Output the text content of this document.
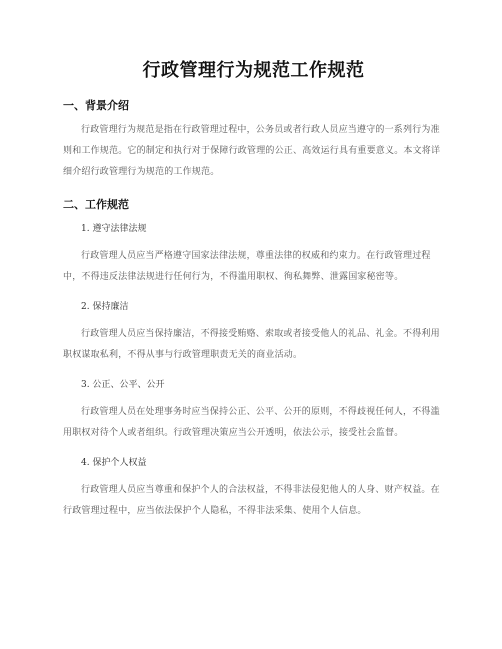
行政管理行为规范工作规范
一、背景介绍

行政管理行为规范是指在行政管理过程中，公务员或者行政人员应当遵守的一系列行为准则和工作规范。它的制定和执行对于保障行政管理的公正、高效运行具有重要意义。本文将详细介绍行政管理行为规范的工作规范。

二、工作规范

1. 遵守法律法规

行政管理人员应当严格遵守国家法律法规，尊重法律的权威和约束力。在行政管理过程中，不得违反法律法规进行任何行为，不得滥用职权、徇私舞弊、泄露国家秘密等。

2. 保持廉洁

行政管理人员应当保持廉洁，不得接受贿赂、索取或者接受他人的礼品、礼金。不得利用职权谋取私利，不得从事与行政管理职责无关的商业活动。

3. 公正、公平、公开

行政管理人员在处理事务时应当保持公正、公平、公开的原则，不得歧视任何人，不得滥用职权对待个人或者组织。行政管理决策应当公开透明，依法公示，接受社会监督。

4. 保护个人权益

行政管理人员应当尊重和保护个人的合法权益，不得非法侵犯他人的人身、财产权益。在行政管理过程中，应当依法保护个人隐私，不得非法采集、使用个人信息。
